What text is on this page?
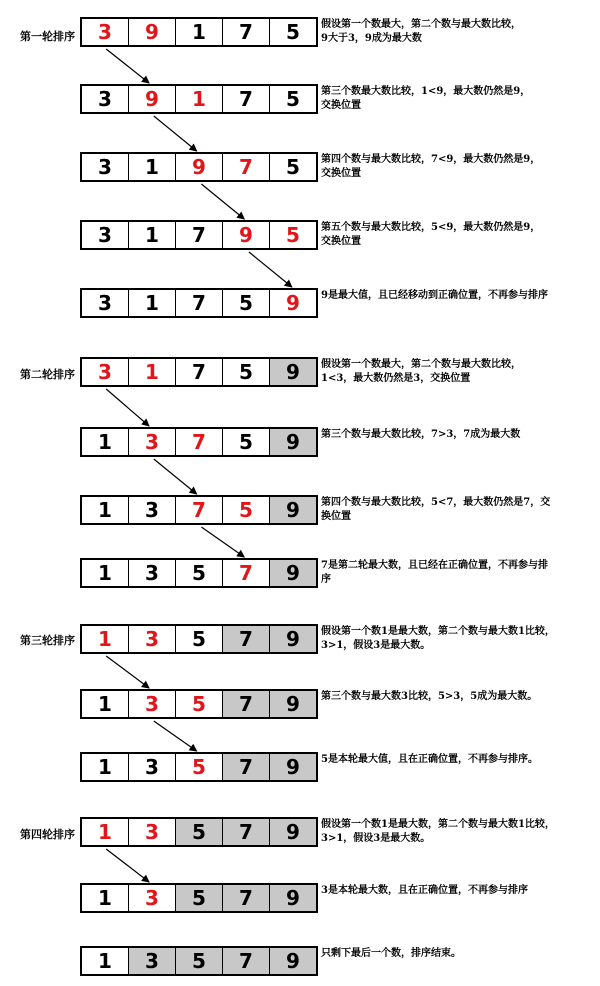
第一轮排序	3	9	1	7	5	假设第一个数最大，第二个数与最大数比较，
9大于3，9成为最大数
3	9	1	7	5	第三个数最大数比较，1<9，最大数仍然是9，
交换位置
3	1	9	7	5	第四个数与最大数比较，7<9，最大数仍然是9，
交换位置
3	1	7	9	5	第五个数与最大数比较，5<9，最大数仍然是9，
交换位置
3	1	7	5	9	9是最大值，且已经移动到正确位置，不再参与排序
第二轮排序	3	1	7	5	9	假设第一个数最大，第二个数与最大数比较，
1<3，最大数仍然是3，交换位置
1	3	7	5	9	第三个数与最大数比较，7>3，7成为最大数
1	3	7	5	9	第四个数与最大数比较，5<7，最大数仍然是7，交
换位置
1	3	5	7	9	7是第二轮最大数，且已经在正确位置，不再参与排
序
第三轮排序	1	3	5	7	9	假设第一个数1是最大数，第二个数与最大数1比较，
3>1，假设3是最大数。
1	3	5	7	9	第三个数与最大数3比较，5>3，5成为最大数。
1	3	5	7	9	5是本轮最大值，且在正确位置，不再参与排序。
第四轮排序	1	3	5	7	9	假设第一个数1是最大数，第二个数与最大数1比较，
3>1，假设3是最大数。
1	3	5	7	9	3是本轮最大数，且在正确位置，不再参与排序
1	3	5	7	9	只剩下最后一个数，排序结束。
